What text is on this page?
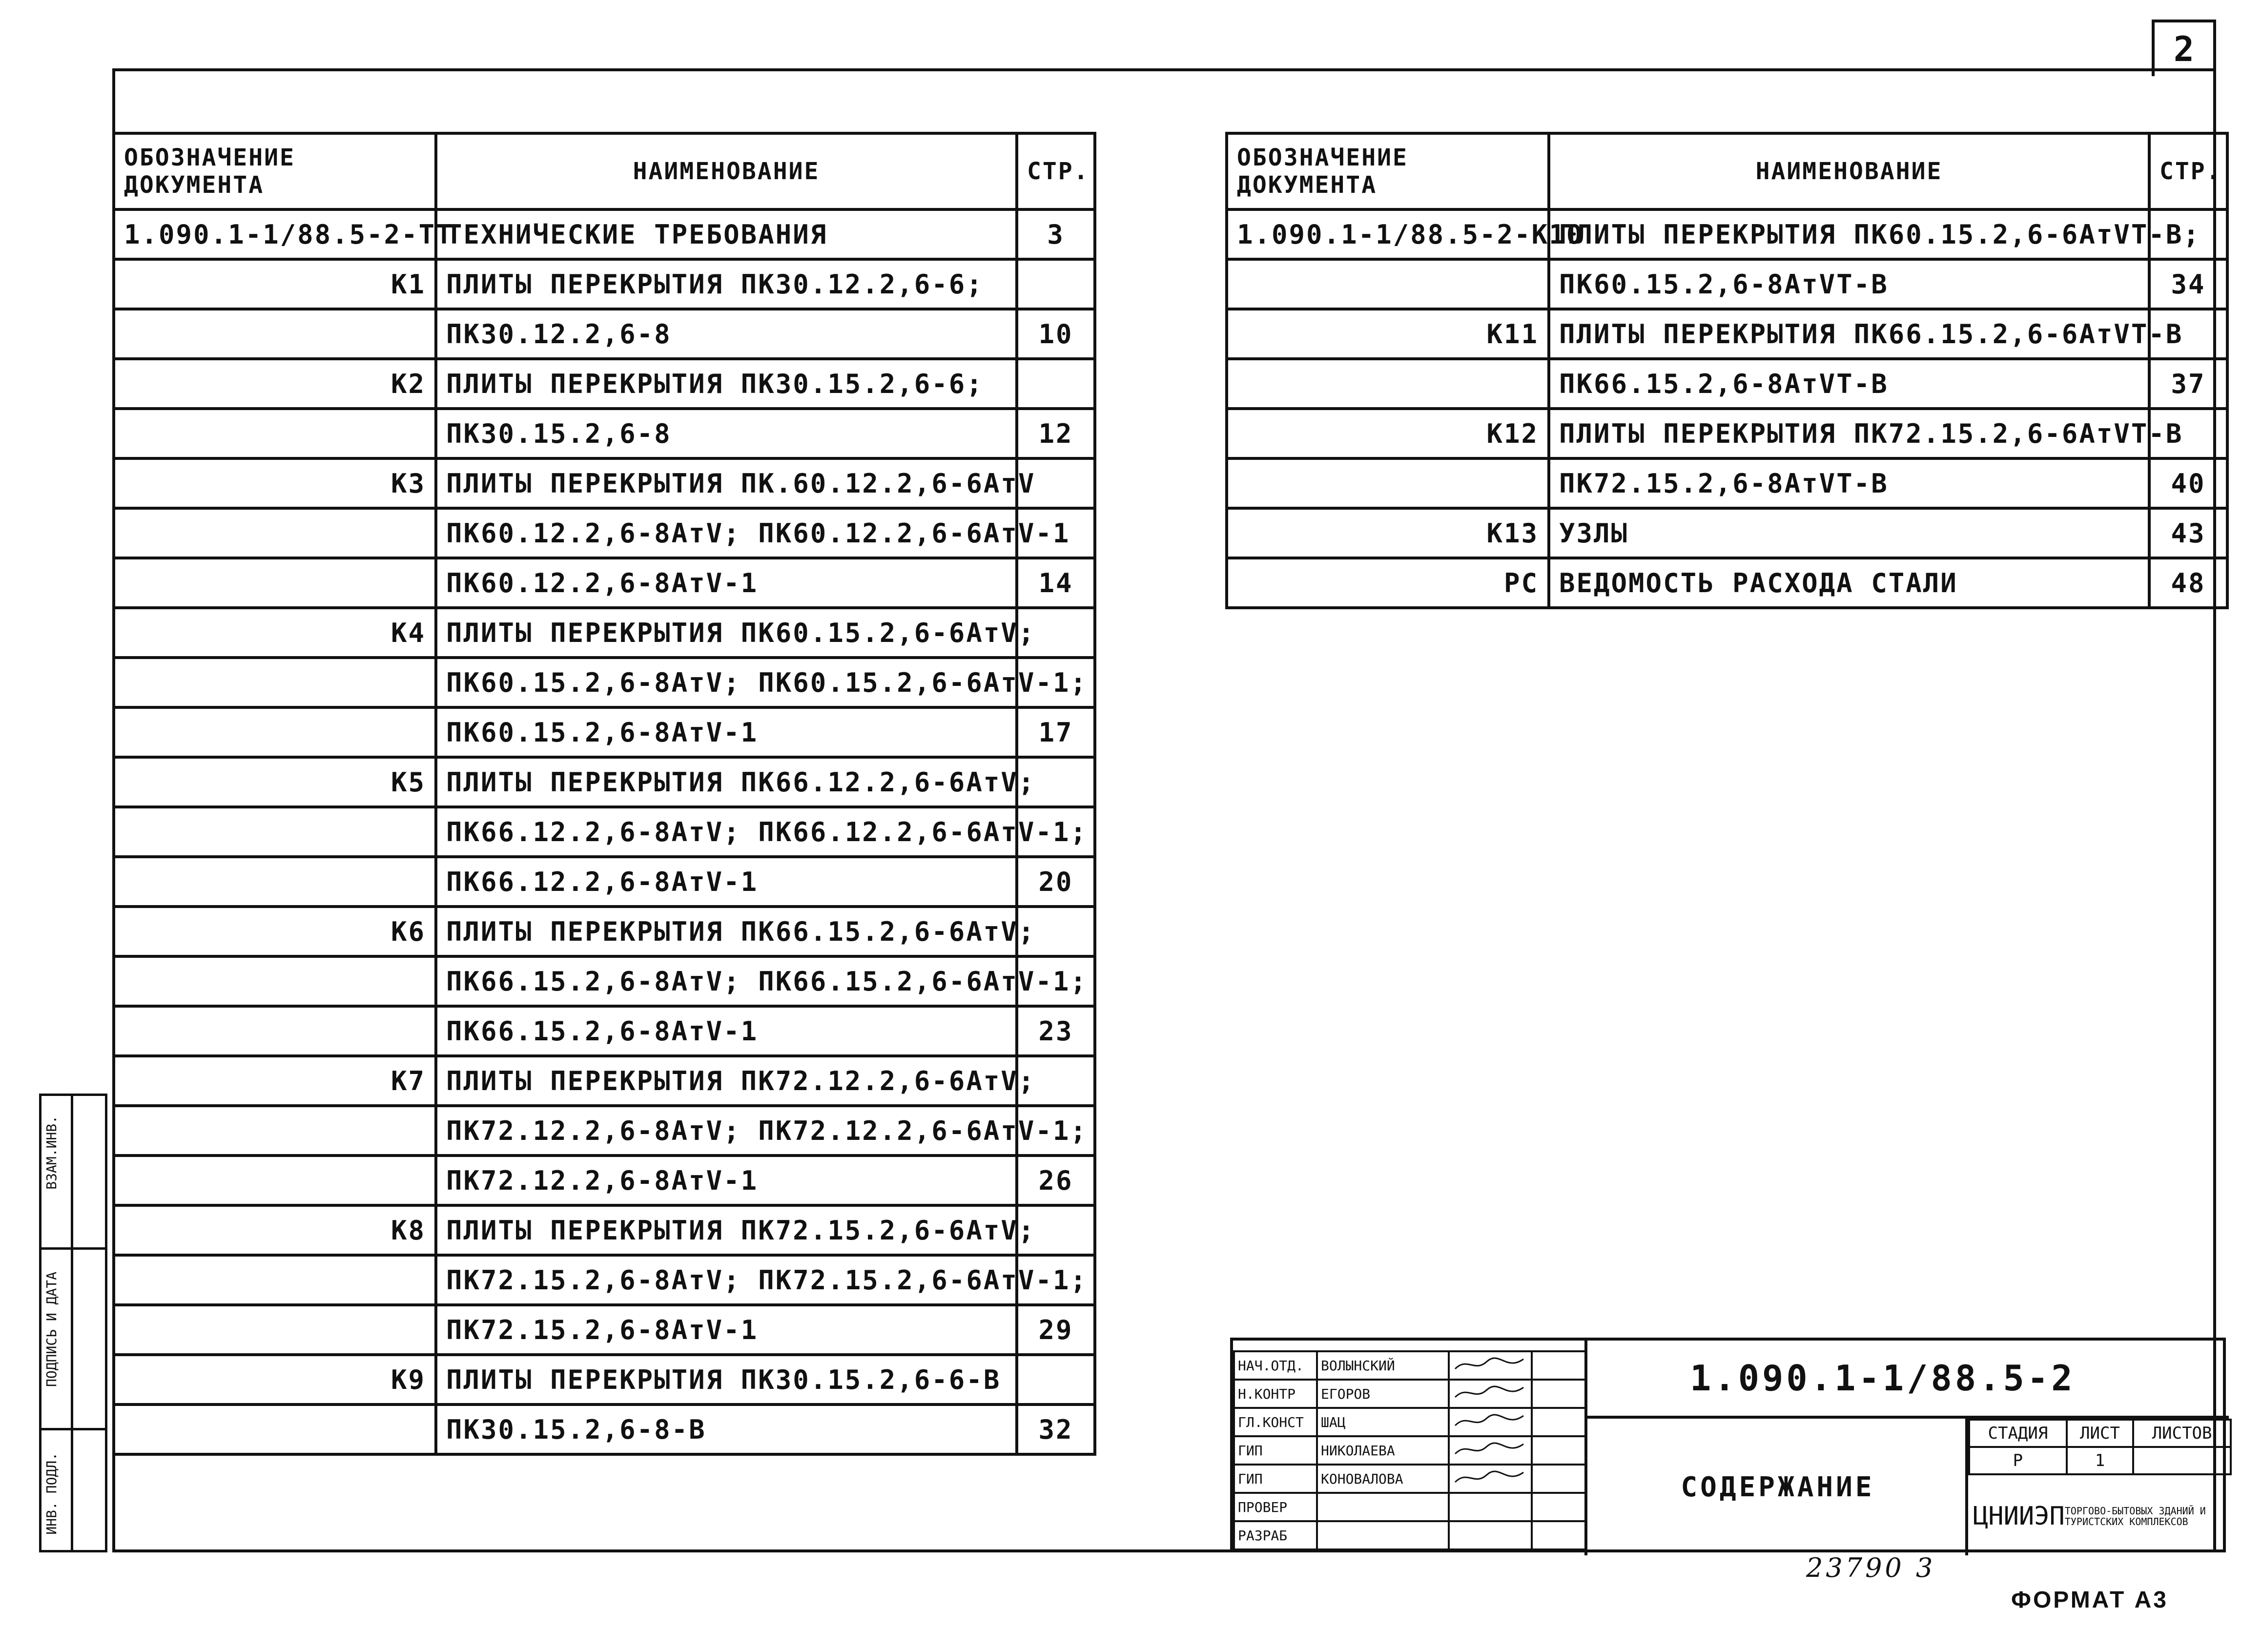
2
ОБОЗНАЧЕНИЕ ДОКУМЕНТА	НАИМЕНОВАНИЕ	СТР.
1.090.1-1/88.5-2-ТТ	ТЕХНИЧЕСКИЕ ТРЕБОВАНИЯ	3
К1	ПЛИТЫ ПЕРЕКРЫТИЯ ПК30.12.2,6-6;	
	ПК30.12.2,6-8	10
К2	ПЛИТЫ ПЕРЕКРЫТИЯ ПК30.15.2,6-6;	
	ПК30.15.2,6-8	12
К3	ПЛИТЫ ПЕРЕКРЫТИЯ ПК.60.12.2,6-6АтV	
	ПК60.12.2,6-8АтV; ПК60.12.2,6-6АтV-1	
	ПК60.12.2,6-8АтV-1	14
К4	ПЛИТЫ ПЕРЕКРЫТИЯ ПК60.15.2,6-6АтV;	
	ПК60.15.2,6-8АтV; ПК60.15.2,6-6АтV-1;	
	ПК60.15.2,6-8АтV-1	17
К5	ПЛИТЫ ПЕРЕКРЫТИЯ ПК66.12.2,6-6АтV;	
	ПК66.12.2,6-8АтV; ПК66.12.2,6-6АтV-1;	
	ПК66.12.2,6-8АтV-1	20
К6	ПЛИТЫ ПЕРЕКРЫТИЯ ПК66.15.2,6-6АтV;	
	ПК66.15.2,6-8АтV; ПК66.15.2,6-6АтV-1;	
	ПК66.15.2,6-8АтV-1	23
К7	ПЛИТЫ ПЕРЕКРЫТИЯ ПК72.12.2,6-6АтV;	
	ПК72.12.2,6-8АтV; ПК72.12.2,6-6АтV-1;	
	ПК72.12.2,6-8АтV-1	26
К8	ПЛИТЫ ПЕРЕКРЫТИЯ ПК72.15.2,6-6АтV;	
	ПК72.15.2,6-8АтV; ПК72.15.2,6-6АтV-1;	
	ПК72.15.2,6-8АтV-1	29
К9	ПЛИТЫ ПЕРЕКРЫТИЯ ПК30.15.2,6-6-В	
	ПК30.15.2,6-8-В	32
ОБОЗНАЧЕНИЕ ДОКУМЕНТА	НАИМЕНОВАНИЕ	СТР.
1.090.1-1/88.5-2-К10	ПЛИТЫ ПЕРЕКРЫТИЯ ПК60.15.2,6-6АтVТ-В;	
	ПК60.15.2,6-8АтVТ-В	34
К11	ПЛИТЫ ПЕРЕКРЫТИЯ ПК66.15.2,6-6АтVТ-В	
	ПК66.15.2,6-8АтVТ-В	37
К12	ПЛИТЫ ПЕРЕКРЫТИЯ ПК72.15.2,6-6АтVТ-В	
	ПК72.15.2,6-8АтVТ-В	40
К13	УЗЛЫ	43
РС	ВЕДОМОСТЬ РАСХОДА СТАЛИ	48
ВЗАМ.ИНВ.
ПОДПИСЬ И ДАТА
ИНВ. ПОДЛ.
НАЧ.ОТД.	ВОЛЫНСКИЙ		
Н.КОНТР	ЕГОРОВ		
ГЛ.КОНСТ	ШАЦ		
ГИП	НИКОЛАЕВА		
ГИП	КОНОВАЛОВА		
ПРОВЕР			
РАЗРАБ			
1.090.1-1/88.5-2
СОДЕРЖАНИЕ
СТАДИЯ	ЛИСТ	ЛИСТОВ
Р	1	
ЦНИИЭП ТОРГОВО-БЫТОВЫХ ЗДАНИЙ И ТУРИСТСКИХ КОМПЛЕКСОВ
23790 3
ФОРМАТ А3
